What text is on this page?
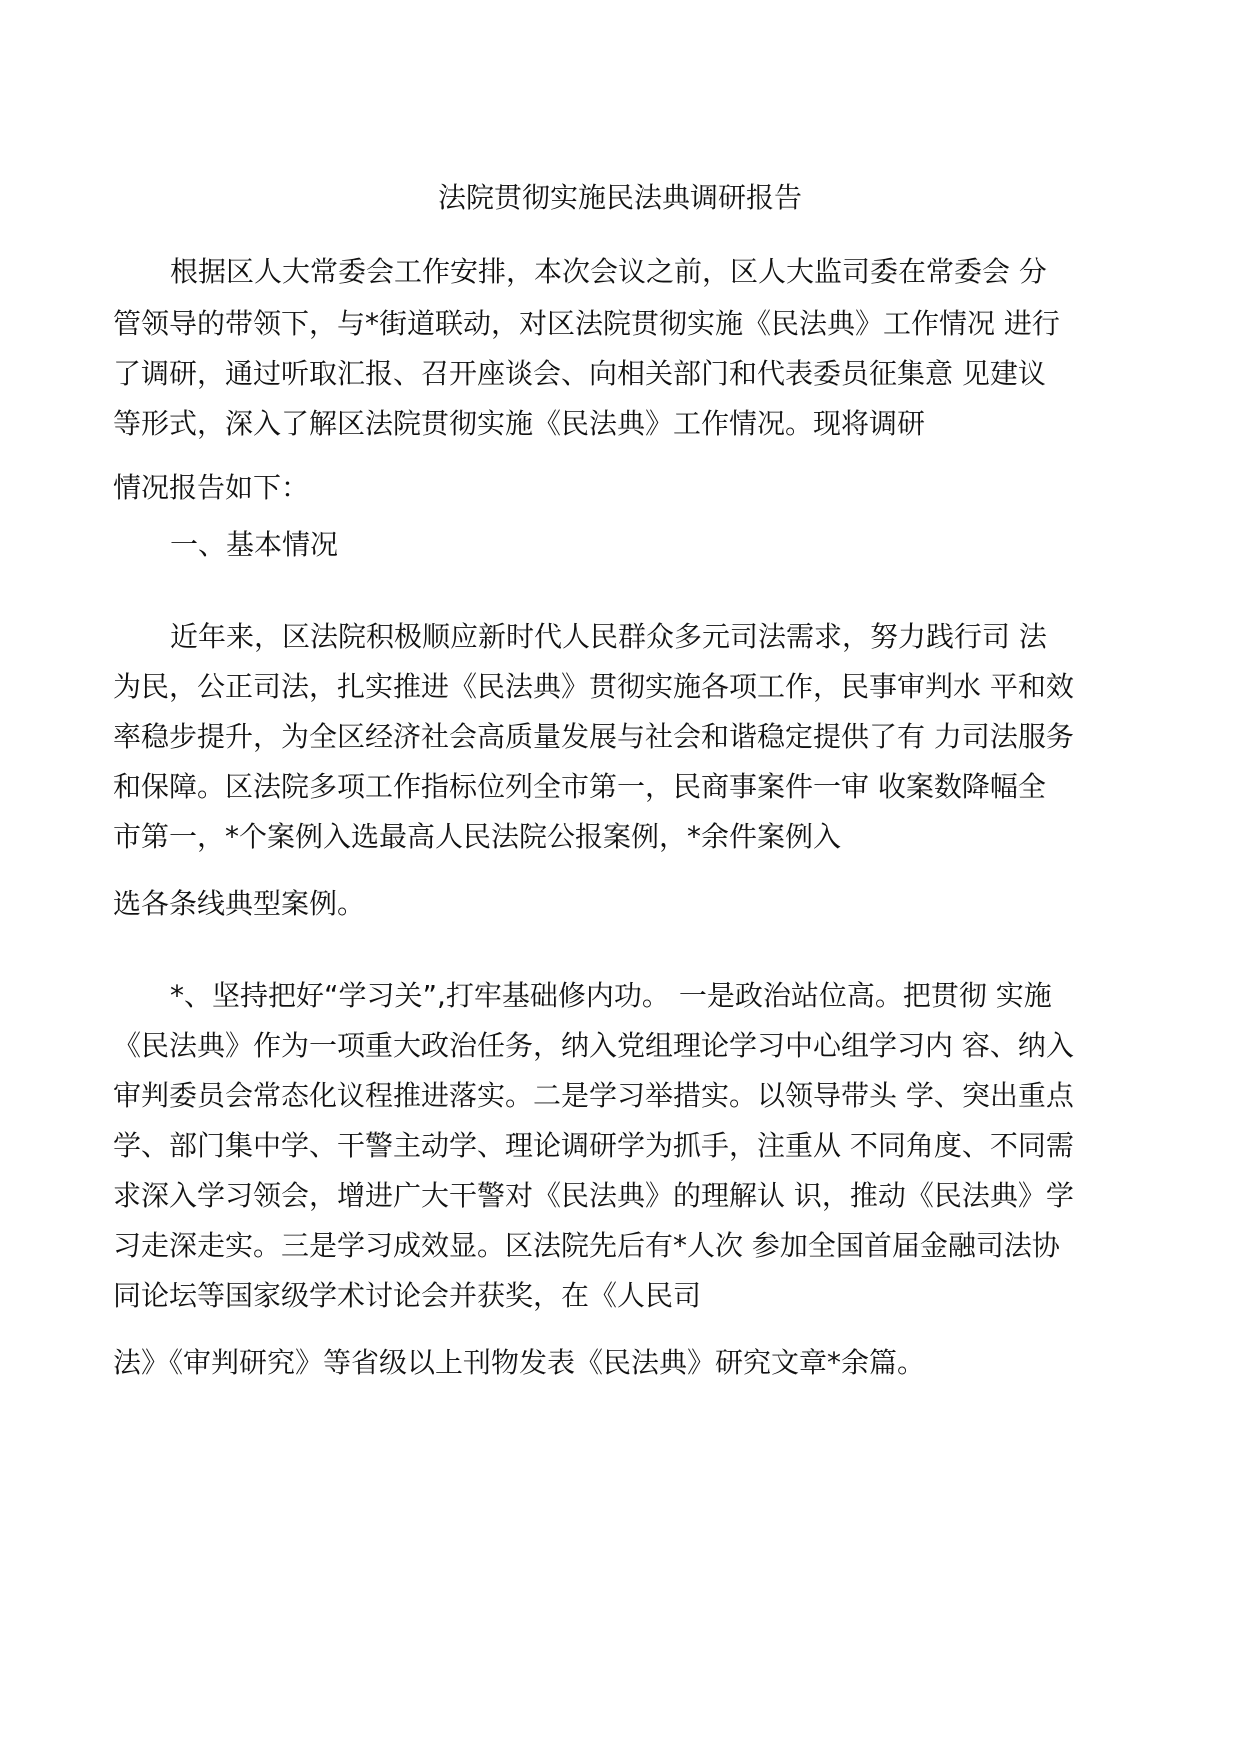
法院贯彻实施民法典调研报告
根据区人大常委会工作安排，本次会议之前，区人大监司委在常委会 分
管领导的带领下，与*街道联动，对区法院贯彻实施《民法典》工作情况 进行
了调研，通过听取汇报、召开座谈会、向相关部门和代表委员征集意 见建议
等形式，深入了解区法院贯彻实施《民法典》工作情况。现将调研
情况报告如下：
一、基本情况
近年来，区法院积极顺应新时代人民群众多元司法需求，努力践行司 法
为民，公正司法，扎实推进《民法典》贯彻实施各项工作，民事审判水 平和效
率稳步提升，为全区经济社会高质量发展与社会和谐稳定提供了有 力司法服务
和保障。区法院多项工作指标位列全市第一，民商事案件一审 收案数降幅全
市第一，*个案例入选最高人民法院公报案例，*余件案例入
选各条线典型案例。
*、坚持把好“学习关”,打牢基础修内功。 一是政治站位高。把贯彻 实施
《民法典》作为一项重大政治任务，纳入党组理论学习中心组学习内 容、纳入
审判委员会常态化议程推进落实。二是学习举措实。以领导带头 学、突出重点
学、部门集中学、干警主动学、理论调研学为抓手，注重从 不同角度、不同需
求深入学习领会，增进广大干警对《民法典》的理解认 识，推动《民法典》学
习走深走实。三是学习成效显。区法院先后有*人次 参加全国首届金融司法协
同论坛等国家级学术讨论会并获奖，在《人民司
法》《审判研究》等省级以上刊物发表《民法典》研究文章*余篇。
